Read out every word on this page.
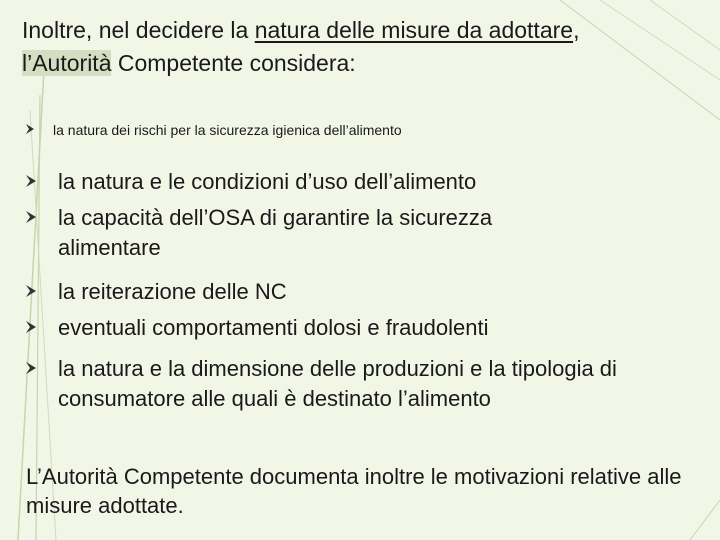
Inoltre, nel decidere la natura delle misure da adottare,
l’Autorità Competente considera:
la natura dei rischi per la sicurezza igienica dell’alimento
la natura e le condizioni d’uso dell’alimento
la capacità dell’OSA di garantire la sicurezza alimentare
la reiterazione delle NC
eventuali comportamenti dolosi e fraudolenti
la natura e la dimensione delle produzioni e la tipologia di consumatore alle quali è destinato l’alimento

L’Autorità Competente documenta inoltre le motivazioni relative alle misure adottate.
